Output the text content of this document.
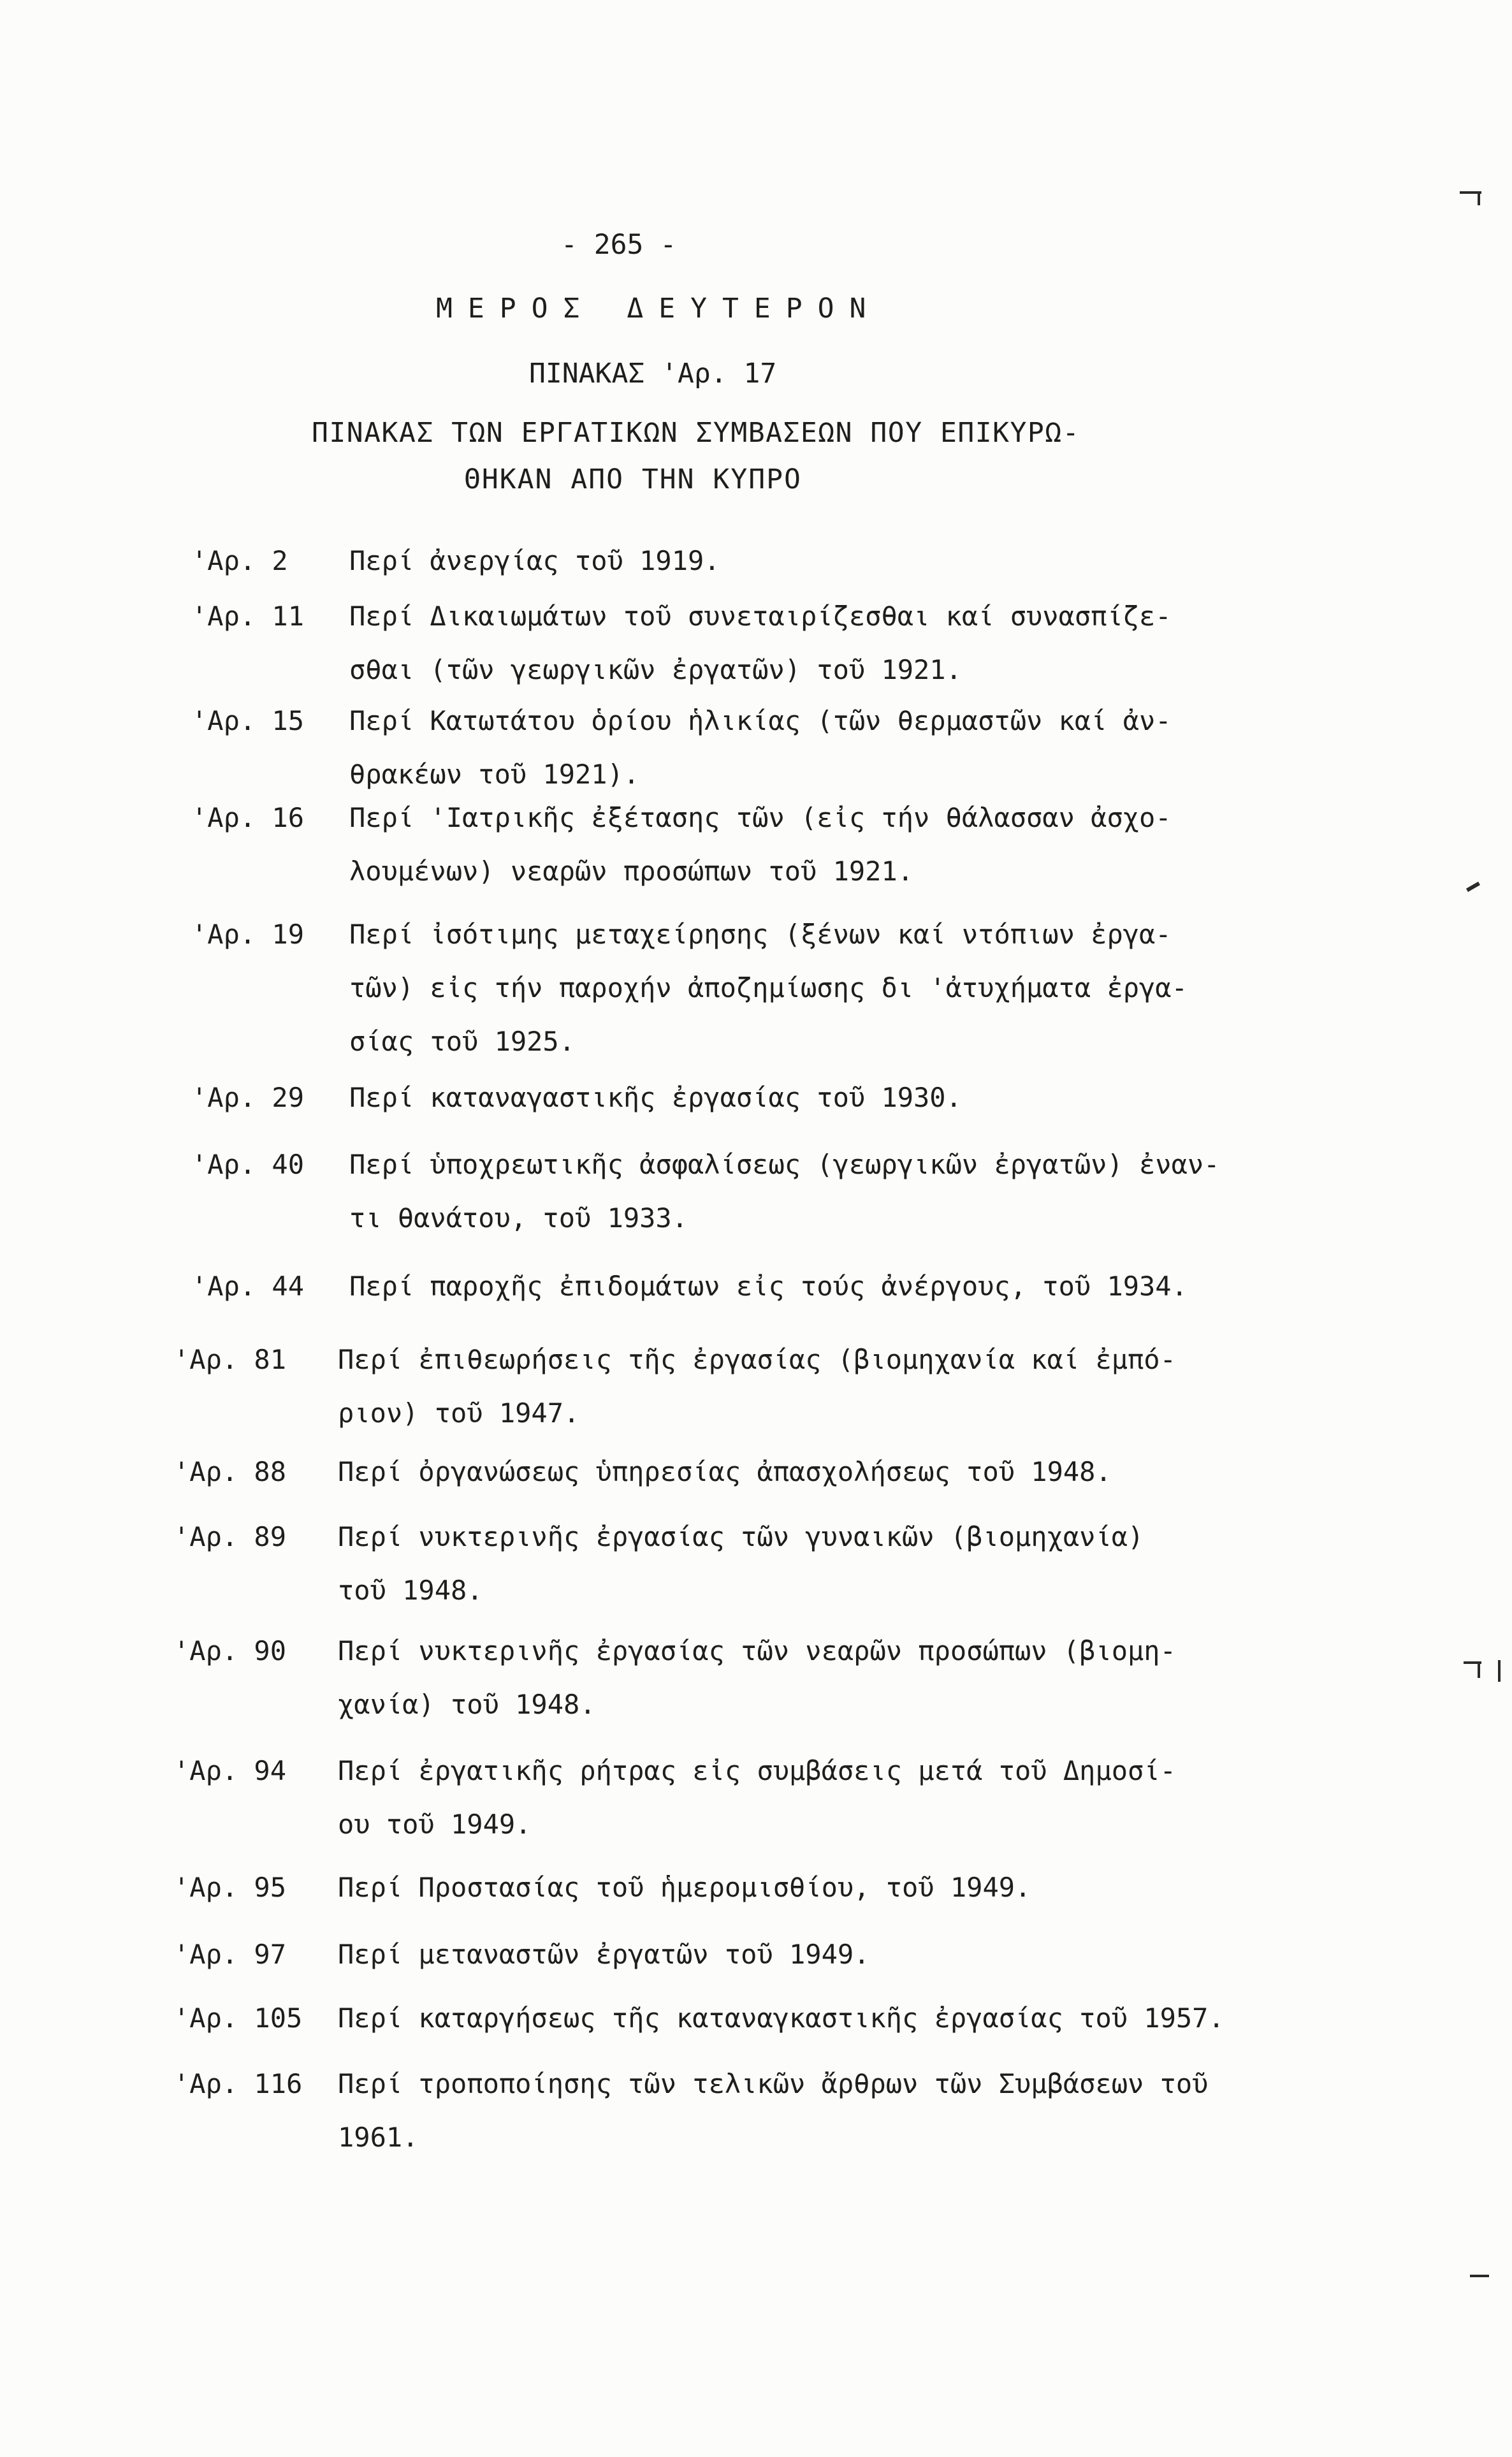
- 265 -
ΜΕΡΟΣ ΔΕΥΤΕΡΟΝ
ΠΙΝΑΚΑΣ 'Αρ. 17
ΠΙΝΑΚΑΣ ΤΩΝ ΕΡΓΑΤΙΚΩΝ ΣΥΜΒΑΣΕΩΝ ΠΟΥ ΕΠΙΚΥΡΩ-
ΘΗΚΑΝ ΑΠΟ ΤΗΝ ΚΥΠΡΟ
'Αρ. 2 Περί ἀνεργίας τοῦ 1919.
'Αρ. 11 Περί Δικαιωμάτων τοῦ συνεταιρίζεσθαι καί συνασπίζε-
σθαι (τῶν γεωργικῶν ἐργατῶν) τοῦ 1921.
'Αρ. 15 Περί Κατωτάτου ὁρίου ἡλικίας (τῶν θερμαστῶν καί ἀν-
θρακέων τοῦ 1921).
'Αρ. 16 Περί 'Ιατρικῆς ἐξέτασης τῶν (εἰς τήν θάλασσαν ἀσχο-
λουμένων) νεαρῶν προσώπων τοῦ 1921.
'Αρ. 19 Περί ἰσότιμης μεταχείρησης (ξένων καί ντόπιων ἐργα-
τῶν) εἰς τήν παροχήν ἀποζημίωσης δι 'ἀτυχήματα ἐργα-
σίας τοῦ 1925.
'Αρ. 29 Περί καταναγαστικῆς ἐργασίας τοῦ 1930.
'Αρ. 40 Περί ὑποχρεωτικῆς ἀσφαλίσεως (γεωργικῶν ἐργατῶν) ἐναν-
τι θανάτου, τοῦ 1933.
'Αρ. 44 Περί παροχῆς ἐπιδομάτων εἰς τούς ἀνέργους, τοῦ 1934.
'Αρ. 81 Περί ἐπιθεωρήσεις τῆς ἐργασίας (βιομηχανία καί ἐμπό-
ριον) τοῦ 1947.
'Αρ. 88 Περί ὀργανώσεως ὑπηρεσίας ἀπασχολήσεως τοῦ 1948.
'Αρ. 89 Περί νυκτερινῆς ἐργασίας τῶν γυναικῶν (βιομηχανία)
τοῦ 1948.
'Αρ. 90 Περί νυκτερινῆς ἐργασίας τῶν νεαρῶν προσώπων (βιομη-
χανία) τοῦ 1948.
'Αρ. 94 Περί ἐργατικῆς ρήτρας εἰς συμβάσεις μετά τοῦ Δημοσί-
ου τοῦ 1949.
'Αρ. 95 Περί Προστασίας τοῦ ἡμερομισθίου, τοῦ 1949.
'Αρ. 97 Περί μεταναστῶν ἐργατῶν τοῦ 1949.
'Αρ. 105 Περί καταργήσεως τῆς καταναγκαστικῆς ἐργασίας τοῦ 1957.
'Αρ. 116 Περί τροποποίησης τῶν τελικῶν ἄρθρων τῶν Συμβάσεων τοῦ
1961.
